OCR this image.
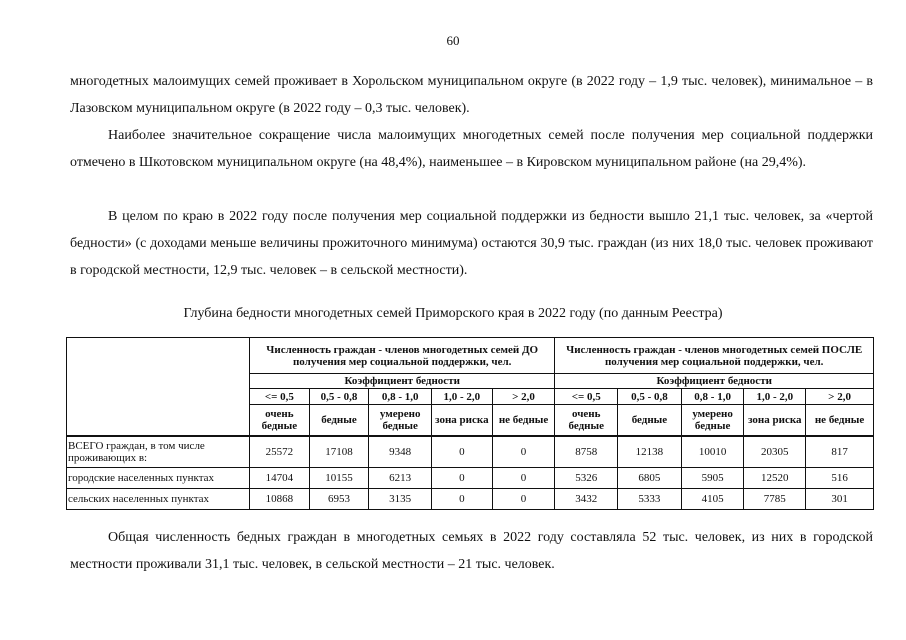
60

многодетных малоимущих семей проживает в Хорольском муниципальном округе (в 2022 году – 1,9 тыс. человек), минимальное – в Лазовском муниципальном округе (в 2022 году – 0,3 тыс. человек).

Наиболее значительное сокращение числа малоимущих многодетных семей после получения мер социальной поддержки отмечено в Шкотовском муниципальном округе (на 48,4%), наименьшее – в Кировском муниципальном районе (на 29,4%).

В целом по краю в 2022 году после получения мер социальной поддержки из бедности вышло 21,1 тыс. человек, за «чертой бедности» (с доходами меньше величины прожиточного минимума) остаются 30,9 тыс. граждан (из них 18,0 тыс. человек проживают в городской местности, 12,9 тыс. человек – в сельской местности).

Глубина бедности многодетных семей Приморского края в 2022 году (по данным Реестра)
	Численность граждан - членов многодетных семей ДО получения мер социальной поддержки, чел.					Численность граждан - членов многодетных семей ПОСЛЕ получения мер социальной поддержки, чел.				
	Коэффициент бедности					Коэффициент бедности				
	<= 0,5	0,5 - 0,8	0,8 - 1,0	1,0 - 2,0	> 2,0	<= 0,5	0,5 - 0,8	0,8 - 1,0	1,0 - 2,0	> 2,0
	очень бедные	бедные	умерено бедные	зона риска	не бедные	очень бедные	бедные	умерено бедные	зона риска	не бедные
ВСЕГО граждан, в том числе проживающих в:	25572	17108	9348	0	0	8758	12138	10010	20305	817
городские населенных пунктах	14704	10155	6213	0	0	5326	6805	5905	12520	516
сельских населенных пунктах	10868	6953	3135	0	0	3432	5333	4105	7785	301

Общая численность бедных граждан в многодетных семьях в 2022 году составляла 52 тыс. человек, из них в городской местности проживали 31,1 тыс. человек, в сельской местности – 21 тыс. человек.
